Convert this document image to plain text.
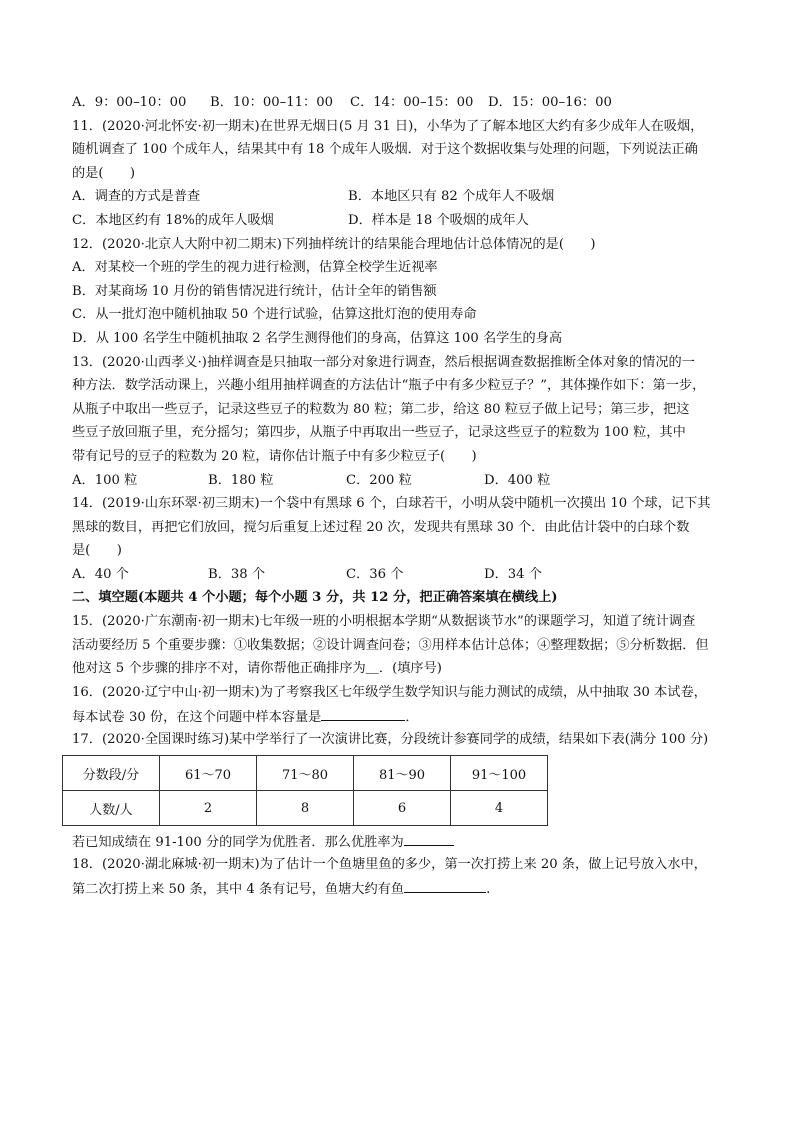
A．9：00–10：00	B．10：00–11：00	C．14：00–15：00	D．15：00–16：00
11．(2020·河北怀安·初一期末)在世界无烟日(5 月 31 日)，小华为了了解本地区大约有多少成年人在吸烟，
随机调查了 100 个成年人，结果其中有 18 个成年人吸烟．对于这个数据收集与处理的问题，下列说法正确
的是(　　)
A．调查的方式是普查	B．本地区只有 82 个成年人不吸烟
C．本地区约有 18%的成年人吸烟	D．样本是 18 个吸烟的成年人
12．(2020·北京人大附中初二期末)下列抽样统计的结果能合理地估计总体情况的是(　　)
A．对某校一个班的学生的视力进行检测，估算全校学生近视率
B．对某商场 10 月份的销售情况进行统计，估计全年的销售额
C．从一批灯泡中随机抽取 50 个进行试验，估算这批灯泡的使用寿命
D．从 100 名学生中随机抽取 2 名学生测得他们的身高，估算这 100 名学生的身高
13．(2020·山西孝义·)抽样调查是只抽取一部分对象进行调查，然后根据调查数据推断全体对象的情况的一
种方法．数学活动课上，兴趣小组用抽样调查的方法估计“瓶子中有多少粒豆子？”，其体操作如下：第一步，
从瓶子中取出一些豆子，记录这些豆子的粒数为 80 粒；第二步，给这 80 粒豆子做上记号；第三步，把这
些豆子放回瓶子里，充分摇匀；第四步，从瓶子中再取出一些豆子，记录这些豆子的粒数为 100 粒，其中
带有记号的豆子的粒数为 20 粒，请你估计瓶子中有多少粒豆子(　　)
A．100 粒	B．180 粒	C．200 粒	D．400 粒
14．(2019·山东环翠·初三期末)一个袋中有黑球 6 个，白球若干，小明从袋中随机一次摸出 10 个球，记下其
黑球的数目，再把它们放回，搅匀后重复上述过程 20 次，发现共有黑球 30 个．由此估计袋中的白球个数
是(　　)
A．40 个	B．38 个	C．36 个	D．34 个
二、填空题(本题共 4 个小题；每个小题 3 分，共 12 分，把正确答案填在横线上)
15．(2020·广东潮南·初一期末)七年级一班的小明根据本学期“从数据谈节水”的课题学习，知道了统计调查
活动要经历 5 个重要步骤：①收集数据；②设计调查问卷；③用样本估计总体；④整理数据；⑤分析数据．但
他对这 5 个步骤的排序不对，请你帮他正确排序为＿．(填序号)
16．(2020·辽宁中山·初一期末)为了考察我区七年级学生数学知识与能力测试的成绩，从中抽取 30 本试卷，
每本试卷 30 份，在这个问题中样本容量是	．
17．(2020·全国课时练习)某中学举行了一次演讲比赛，分段统计参赛同学的成绩，结果如下表(满分 100 分)
分数段/分	61～70	71～80	81～90	91～100
人数/人	2	8	6	4
若已知成绩在 91-100 分的同学为优胜者．那么优胜率为
18．(2020·湖北麻城·初一期末)为了估计一个鱼塘里鱼的多少，第一次打捞上来 20 条，做上记号放入水中，
第二次打捞上来 50 条，其中 4 条有记号，鱼塘大约有鱼	.
